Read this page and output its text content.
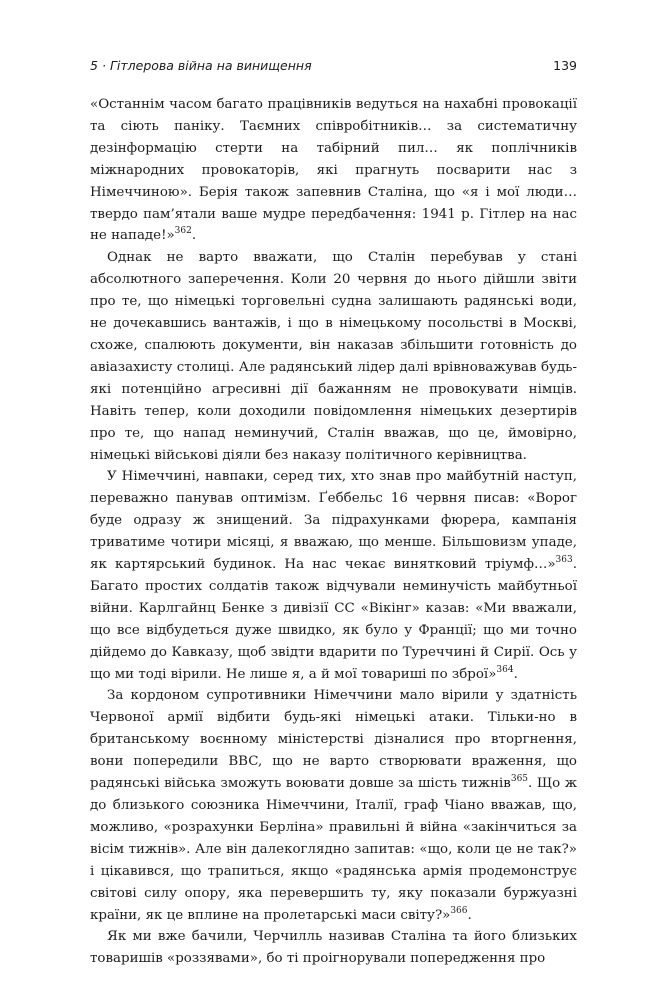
5 · Гітлерова війна на винищення	139

«Останнім часом багато працівників ведуться на нахабні провокації та сіють паніку. Таємних співробітників… за систематичну дезінформацію стерти на табірний пил… як поплічників міжнародних провокаторів, які прагнуть посварити нас з Німеччиною». Берія також запевнив Сталіна, що «я і мої люди… твердо пам’ятали ваше мудре передбачення: 1941 р. Гітлер на нас не нападе!»$^{362}$.

Однак не варто вважати, що Сталін перебував у стані абсолютного заперечення. Коли 20 червня до нього дійшли звіти про те, що німецькі торговельні судна залишають радянські води, не дочекавшись вантажів, і що в німецькому посольстві в Москві, схоже, спалюють документи, він наказав збільшити готовність до авіазахисту столиці. Але радянський лідер далі врівноважував будь-які потенційно агресивні дії бажанням не провокувати німців. Навіть тепер, коли доходили повідомлення німецьких дезертирів про те, що напад неминучий, Сталін вважав, що це, ймовірно, німецькі військові діяли без наказу політичного керівництва.

У Німеччині, навпаки, серед тих, хто знав про майбутній наступ, переважно панував оптимізм. Ґеббельс 16 червня писав: «Ворог буде одразу ж знищений. За підрахунками фюрера, кампанія триватиме чотири місяці, я вважаю, що менше. Більшовизм упаде, як картярський будинок. На нас чекає винятковий тріумф…»$^{363}$. Багато простих солдатів також відчували неминучість майбутньої війни. Карлгайнц Бенке з дивізії СС «Вікінг» казав: «Ми вважали, що все відбудеться дуже швидко, як було у Франції; що ми точно дійдемо до Кавказу, щоб звідти вдарити по Туреччині й Сирії. Ось у що ми тоді вірили. Не лише я, а й мої товариші по зброї»$^{364}$.

За кордоном супротивники Німеччини мало вірили у здатність Червоної армії відбити будь-які німецькі атаки. Тільки-но в британському воєнному міністерстві дізналися про вторгнення, вони попередили BBC, що не варто створювати враження, що радянські війська зможуть воювати довше за шість тижнів$^{365}$. Що ж до близького союзника Німеччини, Італії, граф Чіано вважав, що, можливо, «розрахунки Берліна» правильні й війна «закінчиться за вісім тижнів». Але він далекоглядно запитав: «що, коли це не так?» і цікавився, що трапиться, якщо «радянська армія продемонструє світові силу опору, яка перевершить ту, яку показали буржуазні країни, як це вплине на пролетарські маси світу?»$^{366}$.

Як ми вже бачили, Черчилль називав Сталіна та його близьких товаришів «роззявами», бо ті проігнорували попередження про
